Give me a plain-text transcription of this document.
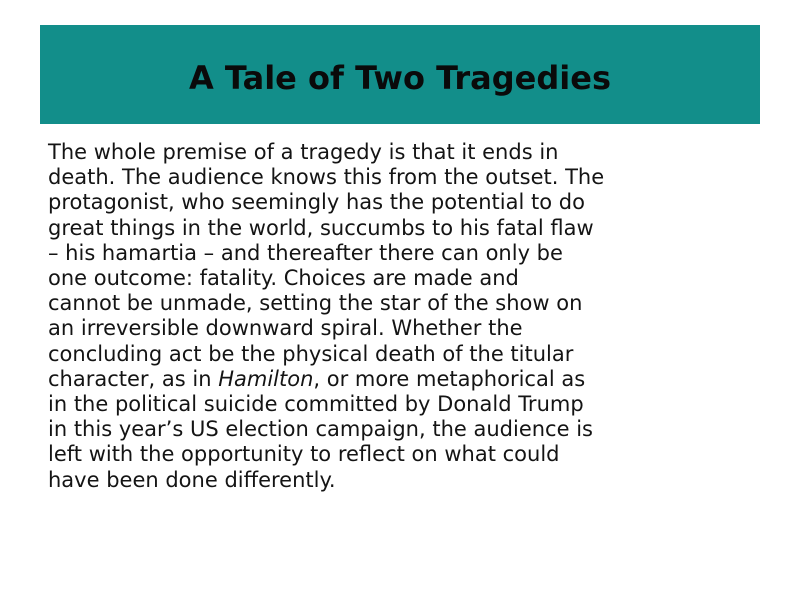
A Tale of Two Tragedies

The whole premise of a tragedy is that it ends in
death. The audience knows this from the outset. The
protagonist, who seemingly has the potential to do
great things in the world, succumbs to his fatal flaw
– his hamartia – and thereafter there can only be
one outcome: fatality. Choices are made and
cannot be unmade, setting the star of the show on
an irreversible downward spiral. Whether the
concluding act be the physical death of the titular
character, as in Hamilton, or more metaphorical as
in the political suicide committed by Donald Trump
in this year’s US election campaign, the audience is
left with the opportunity to reflect on what could
have been done differently.
